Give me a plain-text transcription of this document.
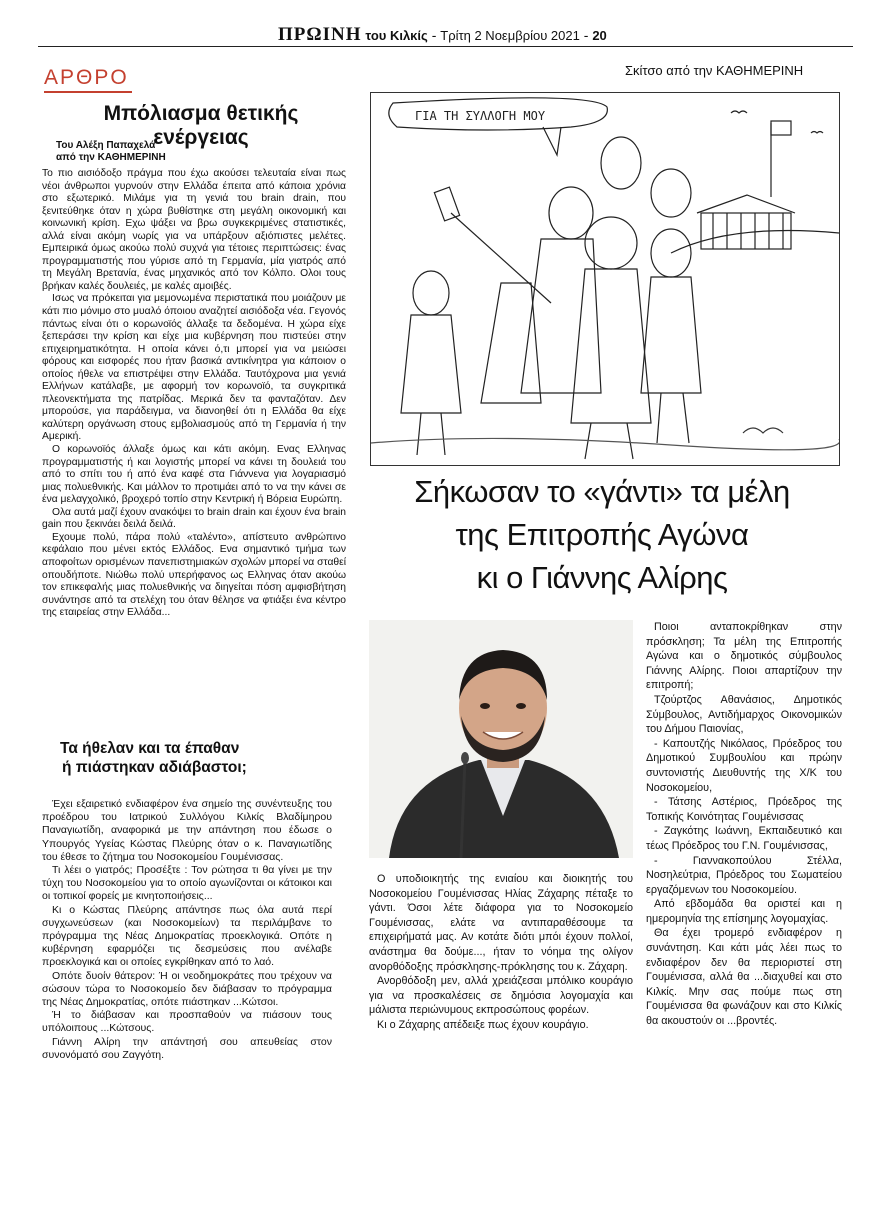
ΠΡΩΙΝΗ του Κιλκίς - Τρίτη 2 Νοεμβρίου 2021 - 20
ΑΡΘΡΟ	Σκίτσο από την ΚΑΘΗΜΕΡΙΝΗ
Μπόλιασμα θετικής ενέργειας
Του Αλέξη Παπαχελά
από την ΚΑΘΗΜΕΡΙΝΗ

Το πιο αισιόδοξο πράγμα που έχω ακούσει τελευταία είναι πως νέοι άνθρωποι γυρνούν στην Ελλάδα έπειτα από κάποια χρόνια στο εξωτερικό. Μιλάμε για τη γενιά του brain drain, που ξενιτεύθηκε όταν η χώρα βυθίστηκε στη μεγάλη οικονομική και κοινωνική κρίση. Εχω ψάξει να βρω συγκεκριμένες στατιστικές, αλλά είναι ακόμη νωρίς για να υπάρξουν αξιόπιστες μελέτες. Εμπειρικά όμως ακούω πολύ συχνά για τέτοιες περιπτώσεις: ένας προγραμματιστής που γύρισε από τη Γερμανία, μία γιατρός από τη Μεγάλη Βρετανία, ένας μηχανικός από τον Κόλπο. Ολοι τους βρήκαν καλές δουλειές, με καλές αμοιβές.

Ισως να πρόκειται για μεμονωμένα περιστατικά που μοιάζουν με κάτι πιο μόνιμο στο μυαλό όποιου αναζητεί αισιόδοξα νέα. Γεγονός πάντως είναι ότι ο κορωνοϊός άλλαξε τα δεδομένα. Η χώρα είχε ξεπεράσει την κρίση και είχε μια κυβέρνηση που πιστεύει στην επιχειρηματικότητα. Η οποία κάνει ό,τι μπορεί για να μειώσει φόρους και εισφορές που ήταν βασικά αντικίνητρα για κάποιον ο οποίος ήθελε να επιστρέψει στην Ελλάδα. Ταυτόχρονα μια γενιά Ελλήνων κατάλαβε, με αφορμή τον κορωνοϊό, τα συγκριτικά πλεονεκτήματα της πατρίδας. Μερικά δεν τα φανταζόταν. Δεν μπορούσε, για παράδειγμα, να διανοηθεί ότι η Ελλάδα θα είχε καλύτερη οργάνωση στους εμβολιασμούς από τη Γερμανία ή την Αμερική.

Ο κορωνοϊός άλλαξε όμως και κάτι ακόμη. Ενας Ελληνας προγραμματιστής ή και λογιστής μπορεί να κάνει τη δουλειά του από το σπίτι του ή από ένα καφέ στα Γιάννενα για λογαριασμό μιας πολυεθνικής. Και μάλλον το προτιμάει από το να την κάνει σε ένα μελαγχολικό, βροχερό τοπίο στην Κεντρική ή Βόρεια Ευρώπη.

Ολα αυτά μαζί έχουν ανακόψει το brain drain και έχουν ένα brain gain που ξεκινάει δειλά δειλά.

Εχουμε πολύ, πάρα πολύ «ταλέντο», απίστευτο ανθρώπινο κεφάλαιο που μένει εκτός Ελλάδος. Ενα σημαντικό τμήμα των αποφοίτων ορισμένων πανεπιστημιακών σχολών μπορεί να σταθεί οπουδήποτε. Νιώθω πολύ υπερήφανος ως Ελληνας όταν ακούω τον επικεφαλής μιας πολυεθνικής να διηγείται πόση αμφισβήτηση συνάντησε από τα στελέχη του όταν θέλησε να φτιάξει ένα κέντρο της εταιρείας στην Ελλάδα...

Τα ήθελαν και τα έπαθαν
ή πιάστηκαν αδιάβαστοι;

Έχει εξαιρετικό ενδιαφέρον ένα σημείο της συνέντευξης του προέδρου του Ιατρικού Συλλόγου Κιλκίς Βλαδίμηρου Παναγιωτίδη, αναφορικά με την απάντηση που έδωσε ο Υπουργός Υγείας Κώστας Πλεύρης όταν ο κ. Παναγιωτίδης του έθεσε το ζήτημα του Νοσοκομείου Γουμένισσας.

Τι λέει ο γιατρός; Προσέξτε : Τον ρώτησα τι θα γίνει με την τύχη του Νοσοκομείου για το οποίο αγωνίζονται οι κάτοικοι και οι τοπικοί φορείς με κινητοποιήσεις...

Κι ο Κώστας Πλεύρης απάντησε πως όλα αυτά περί συγχωνεύσεων (και Νοσοκομείων) τα περιλάμβανε το πρόγραμμα της Νέας Δημοκρατίας προεκλογικά. Οπότε η κυβέρνηση εφαρμόζει τις δεσμεύσεις που ανέλαβε προεκλογικά και οι οποίες εγκρίθηκαν από το λαό.

Οπότε δυοίν θάτερον: Ή οι νεοδημοκράτες που τρέχουν να σώσουν τώρα το Νοσοκομείο δεν διάβασαν το πρόγραμμα της Νέας Δημοκρατίας, οπότε πιάστηκαν ...Κώτσοι.

Ή το διάβασαν και προσπαθούν να πιάσουν τους υπόλοιπους ...Κώτσους.

Γιάννη Αλίρη την απάντησή σου απευθείας στον συνονόματό σου Ζαγγότη.

ΓΙΑ ΤΗ ΣΥΛΛΟΓΗ ΜΟΥ
Σήκωσαν το «γάντι» τα μέλη
της Επιτροπής Αγώνα
κι ο Γιάννης Αλίρης

Ο υποδιοικητής της ενιαίου και διοικητής του Νοσοκομείου Γουμένισσας Ηλίας Ζάχαρης πέταξε το γάντι. Όσοι λέτε διάφορα για το Νοσοκομείο Γουμένισσας, ελάτε να αντιπαραθέσουμε τα επιχειρήματά μας. Αν κοτάτε διότι μπόι έχουν πολλοί, ανάστημα θα δούμε..., ήταν το νόημα της ολίγον ανορθόδοξης πρόσκλησης-πρόκλησης του κ. Ζάχαρη.

Ανορθόδοξη μεν, αλλά χρειάζεσαι μπόλικο κουράγιο για να προσκαλέσεις σε δημόσια λογομαχία και μάλιστα περιώνυμους εκπροσώπους φορέων.

Κι ο Ζάχαρης απέδειξε πως έχουν κουράγιο.

Ποιοι ανταποκρίθηκαν στην πρόσκληση; Τα μέλη της Επιτροπής Αγώνα και ο δημοτικός σύμβουλος Γιάννης Αλίρης. Ποιοι απαρτίζουν την επιτροπή;

Τζούρτζος Αθανάσιος, Δημοτικός Σύμβουλος, Αντιδήμαρχος Οικονομικών του Δήμου Παιονίας,

- Καπουτζής Νικόλαος, Πρόεδρος του Δημοτικού Συμβουλίου και πρώην συντονιστής Διευθυντής της Χ/Κ του Νοσοκομείου,

- Τάτσης Αστέριος, Πρόεδρος της Τοπικής Κοινότητας Γουμένισσας

- Ζαγκότης Ιωάννη, Εκπαιδευτικό και τέως Πρόεδρος του Γ.Ν. Γουμένισσας,

- Γιαννακοπούλου Στέλλα, Νοσηλεύτρια, Πρόεδρος του Σωματείου εργαζόμενων του Νοσοκομείου.

Από εβδομάδα θα οριστεί και η ημερομηνία της επίσημης λογομαχίας.

Θα έχει τρομερό ενδιαφέρον η συνάντηση. Και κάτι μάς λέει πως το ενδιαφέρον δεν θα περιοριστεί στη Γουμένισσα, αλλά θα ...διαχυθεί και στο Κιλκίς. Μην σας πούμε πως στη Γουμένισσα θα φωνάζουν και στο Κιλκίς θα ακουστούν οι ...βροντές.
